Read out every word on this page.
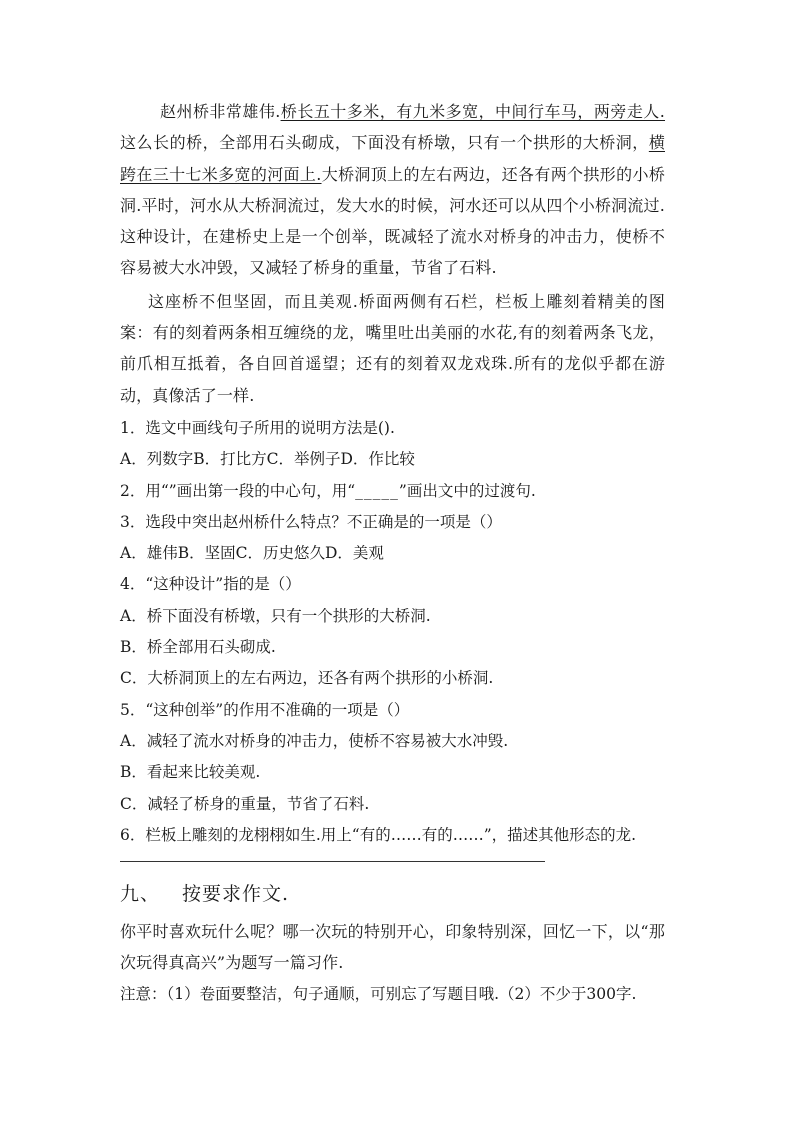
赵州桥非常雄伟.桥长五十多米，有九米多宽，中间行车马，两旁走人.这么长的桥，全部用石头砌成，下面没有桥墩，只有一个拱形的大桥洞，横跨在三十七米多宽的河面上.大桥洞顶上的左右两边，还各有两个拱形的小桥洞.平时，河水从大桥洞流过，发大水的时候，河水还可以从四个小桥洞流过.这种设计，在建桥史上是一个创举，既减轻了流水对桥身的冲击力，使桥不容易被大水冲毁，又减轻了桥身的重量，节省了石料.

这座桥不但坚固，而且美观.桥面两侧有石栏，栏板上雕刻着精美的图案：有的刻着两条相互缠绕的龙，嘴里吐出美丽的水花,有的刻着两条飞龙，前爪相互抵着，各自回首遥望；还有的刻着双龙戏珠.所有的龙似乎都在游动，真像活了一样.

1．选文中画线句子所用的说明方法是().

A．列数字B．打比方C．举例子D．作比较

2．用“”画出第一段的中心句，用“_____”画出文中的过渡句.

3．选段中突出赵州桥什么特点？不正确是的一项是（）

A．雄伟B．坚固C．历史悠久D．美观

4．“这种设计”指的是（）

A．桥下面没有桥墩，只有一个拱形的大桥洞.

B．桥全部用石头砌成.

C．大桥洞顶上的左右两边，还各有两个拱形的小桥洞.

5．“这种创举”的作用不准确的一项是（）

A．减轻了流水对桥身的冲击力，使桥不容易被大水冲毁.

B．看起来比较美观.

C．减轻了桥身的重量，节省了石料.

6．栏板上雕刻的龙栩栩如生.用上“有的……有的……”，描述其他形态的龙.

九、 按要求作文.

你平时喜欢玩什么呢？哪一次玩的特别开心，印象特别深，回忆一下，以“那次玩得真高兴”为题写一篇习作.

注意：（1）卷面要整洁，句子通顺，可别忘了写题目哦.（2）不少于300字.
